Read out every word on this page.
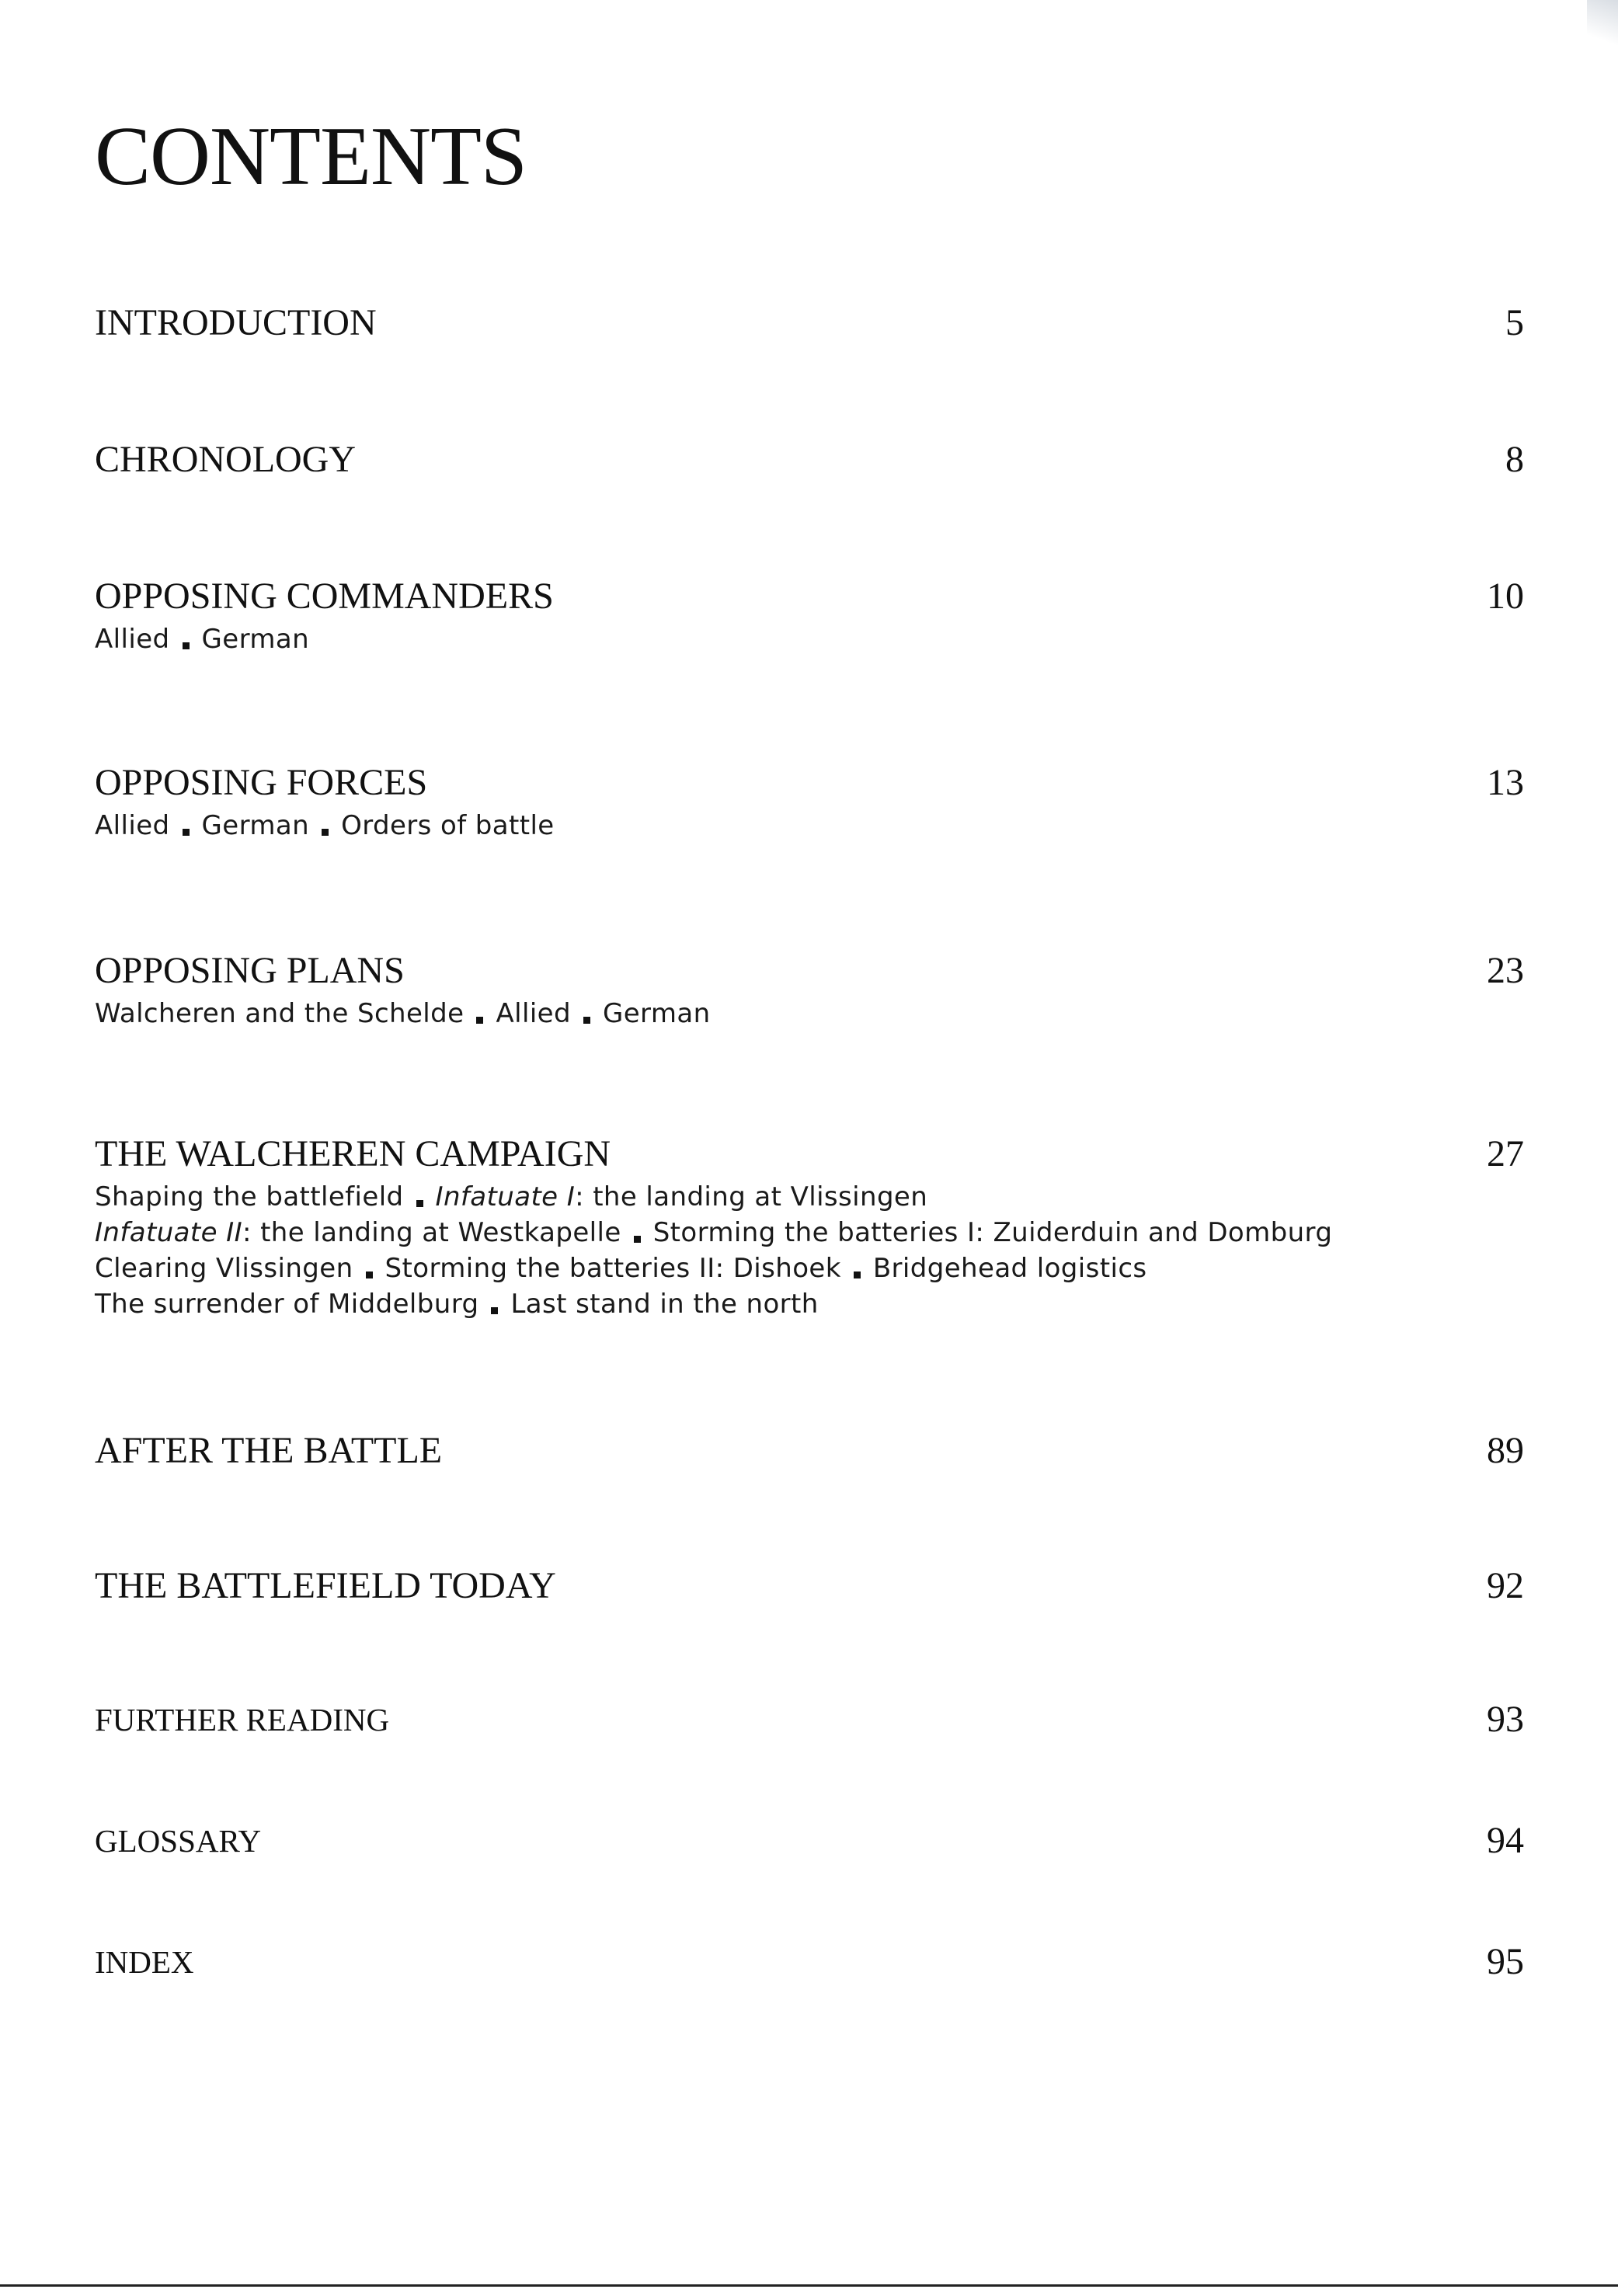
CONTENTS
INTRODUCTION	5
CHRONOLOGY	8
OPPOSING COMMANDERS	10
Allied German
OPPOSING FORCES	13
Allied German Orders of battle
OPPOSING PLANS	23
Walcheren and the Schelde Allied German
THE WALCHEREN CAMPAIGN	27
Shaping the battlefield Infatuate I: the landing at Vlissingen
Infatuate II: the landing at Westkapelle Storming the batteries I: Zuiderduin and Domburg
Clearing Vlissingen Storming the batteries II: Dishoek Bridgehead logistics
The surrender of Middelburg Last stand in the north
AFTER THE BATTLE	89
THE BATTLEFIELD TODAY	92
FURTHER READING	93
GLOSSARY	94
INDEX	95
